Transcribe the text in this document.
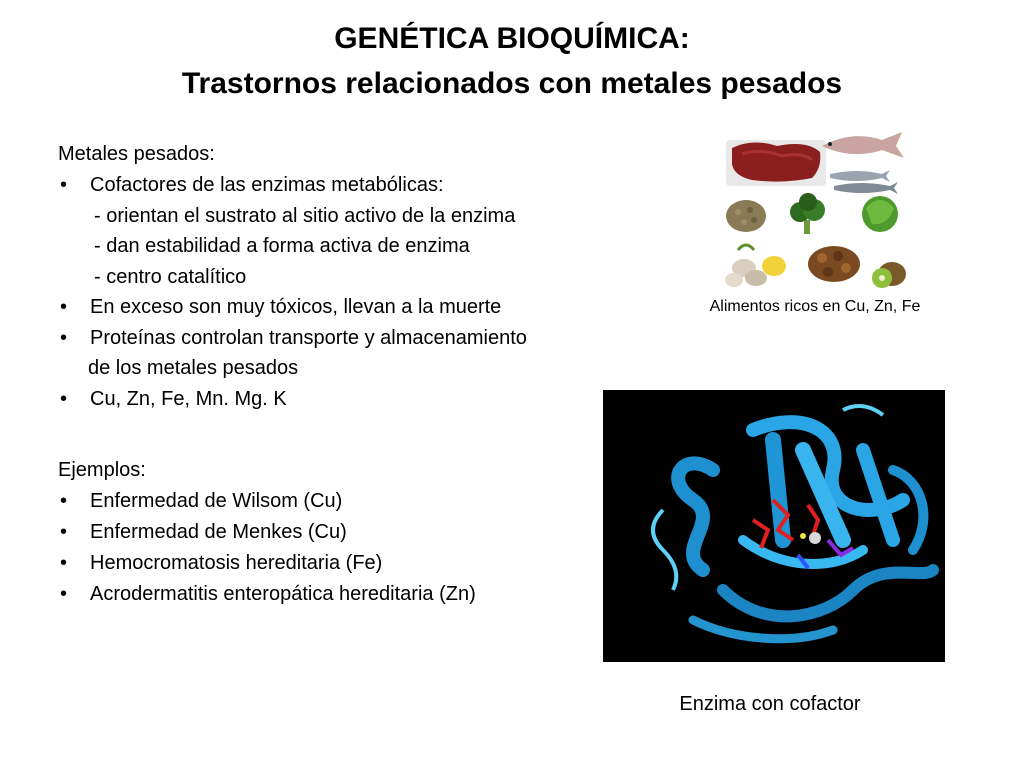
GENÉTICA BIOQUÍMICA:
Trastornos relacionados con metales pesados
Metales pesados:
• Cofactores de las enzimas metabólicas:
- orientan el sustrato al sitio activo de la enzima
- dan estabilidad a forma activa de enzima
- centro catalítico
• En exceso son muy tóxicos, llevan a la muerte
• Proteínas controlan transporte y almacenamiento
de los metales pesados
• Cu, Zn, Fe, Mn. Mg. K
Ejemplos:
• Enfermedad de Wilsom (Cu)
• Enfermedad de Menkes (Cu)
• Hemocromatosis hereditaria (Fe)
• Acrodermatitis enteropática hereditaria (Zn)
Alimentos ricos en Cu, Zn, Fe
Enzima con cofactor
